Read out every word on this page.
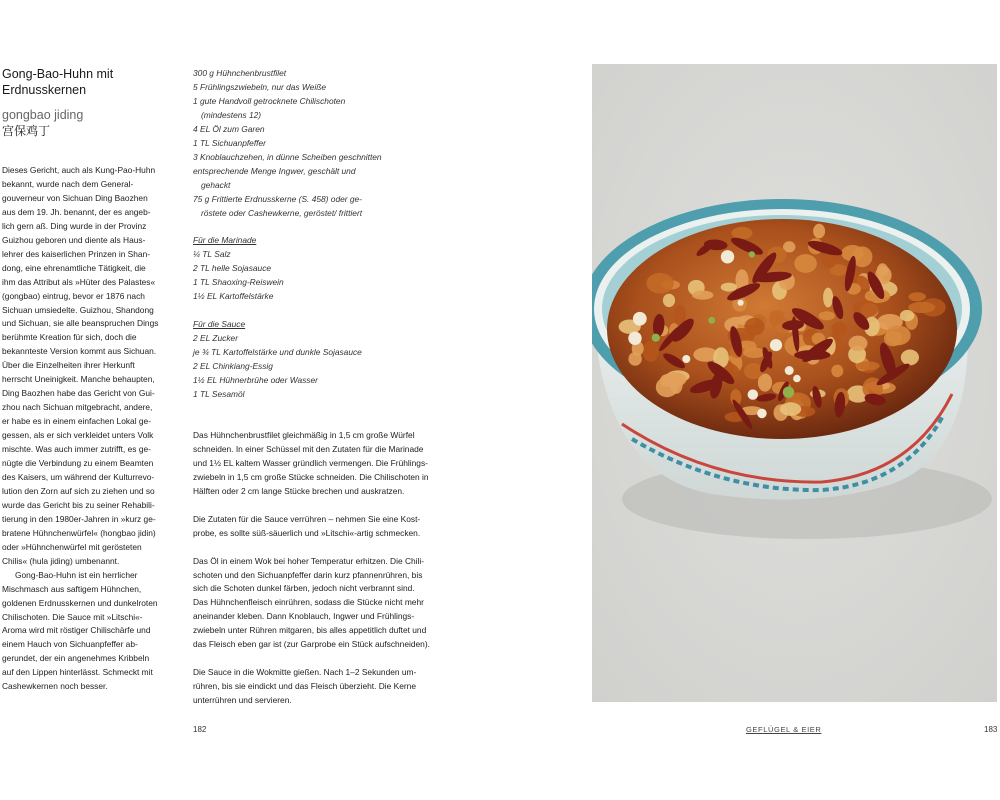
Gong-Bao-Huhn mit Erdnusskernen
gongbao jiding
宫保鸡丁

Dieses Gericht, auch als Kung-Pao-Huhn

bekannt, wurde nach dem General-

gouverneur von Sichuan Ding Baozhen

aus dem 19. Jh. benannt, der es angeb-

lich gern aß. Ding wurde in der Provinz

Guizhou geboren und diente als Haus-

lehrer des kaiserlichen Prinzen in Shan-

dong, eine ehrenamtliche Tätigkeit, die

ihm das Attribut als »Hüter des Palastes«

(gongbao) eintrug, bevor er 1876 nach

Sichuan umsiedelte. Guizhou, Shandong

und Sichuan, sie alle beanspruchen Dings

berühmte Kreation für sich, doch die

bekannteste Version kommt aus Sichuan.

Über die Einzelheiten ihrer Herkunft

herrscht Uneinigkeit. Manche behaupten,

Ding Baozhen habe das Gericht von Gui-

zhou nach Sichuan mitgebracht, andere,

er habe es in einem einfachen Lokal ge-

gessen, als er sich verkleidet unters Volk

mischte. Was auch immer zutrifft, es ge-

nügte die Verbindung zu einem Beamten

des Kaisers, um während der Kulturrevo-

lution den Zorn auf sich zu ziehen und so

wurde das Gericht bis zu seiner Rehabili-

tierung in den 1980er-Jahren in »kurz ge-

bratene Hühnchenwürfel« (hongbao jidin)

oder »Hühnchenwürfel mit gerösteten

Chilis« (hula jiding) umbenannt.

Gong-Bao-Huhn ist ein herrlicher

Mischmasch aus saftigem Hühnchen,

goldenen Erdnusskernen und dunkelroten

Chilischoten. Die Sauce mit »Litschi«-

Aroma wird mit röstiger Chilischärfe und

einem Hauch von Sichuanpfeffer ab-

gerundet, der ein angenehmes Kribbeln

auf den Lippen hinterlässt. Schmeckt mit

Cashewkernen noch besser.

300 g Hühnchenbrustfilet

5 Frühlingszwiebeln, nur das Weiße

1 gute Handvoll getrocknete Chilischoten

(mindestens 12)

4 EL Öl zum Garen

1 TL Sichuanpfeffer

3 Knoblauchzehen, in dünne Scheiben geschnitten

entsprechende Menge Ingwer, geschält und

gehackt

75 g Frittierte Erdnusskerne (S. 458) oder ge-

röstete oder Cashewkerne, geröstet/ frittiert

Für die Marinade

¼ TL Salz

2 TL helle Sojasauce

1 TL Shaoxing-Reiswein

1½ EL Kartoffelstärke

Für die Sauce

2 EL Zucker

je ¾ TL Kartoffelstärke und dunkle Sojasauce

2 EL Chinkiang-Essig

1½ EL Hühnerbrühe oder Wasser

1 TL Sesamöl

Das Hühnchenbrustfilet gleichmäßig in 1,5 cm große Würfel

schneiden. In einer Schüssel mit den Zutaten für die Marinade

und 1½ EL kaltem Wasser gründlich vermengen. Die Frühlings-

zwiebeln in 1,5 cm große Stücke schneiden. Die Chilischoten in

Hälften oder 2 cm lange Stücke brechen und auskratzen.

Die Zutaten für die Sauce verrühren – nehmen Sie eine Kost-

probe, es sollte süß-säuerlich und »Litschi«-artig schmecken.

Das Öl in einem Wok bei hoher Temperatur erhitzen. Die Chili-

schoten und den Sichuanpfeffer darin kurz pfannenrühren, bis

sich die Schoten dunkel färben, jedoch nicht verbrannt sind.

Das Hühnchenfleisch einrühren, sodass die Stücke nicht mehr

aneinander kleben. Dann Knoblauch, Ingwer und Frühlings-

zwiebeln unter Rühren mitgaren, bis alles appetitlich duftet und

das Fleisch eben gar ist (zur Garprobe ein Stück aufschneiden).

Die Sauce in die Wokmitte gießen. Nach 1–2 Sekunden um-

rühren, bis sie eindickt und das Fleisch überzieht. Die Kerne

unterrühren und servieren.

182	GEFLÜGEL & EIER	183
